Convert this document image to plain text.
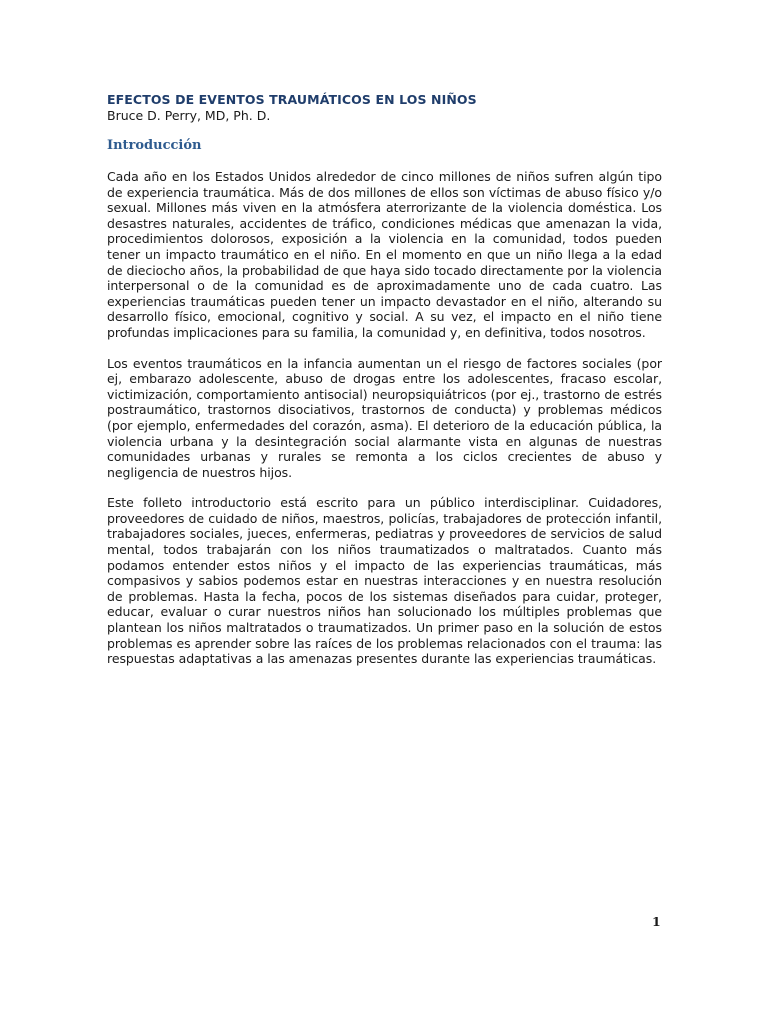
EFECTOS DE EVENTOS TRAUMÁTICOS EN LOS NIÑOS

Bruce D. Perry, MD, Ph. D.

Introducción

Cada año en los Estados Unidos alrededor de cinco millones de niños sufren algún tipo de experiencia traumática. Más de dos millones de ellos son víctimas de abuso físico y/o sexual. Millones más viven en la atmósfera aterrorizante de la violencia doméstica. Los desastres naturales, accidentes de tráfico, condiciones médicas que amenazan la vida, procedimientos dolorosos, exposición a la violencia en la comunidad, todos pueden tener un impacto traumático en el niño. En el momento en que un niño llega a la edad de dieciocho años, la probabilidad de que haya sido tocado directamente por la violencia interpersonal o de la comunidad es de aproximadamente uno de cada cuatro. Las experiencias traumáticas pueden tener un impacto devastador en el niño, alterando su desarrollo físico, emocional, cognitivo y social. A su vez, el impacto en el niño tiene profundas implicaciones para su familia, la comunidad y, en definitiva, todos nosotros.

Los eventos traumáticos en la infancia aumentan un el riesgo de factores sociales (por ej, embarazo adolescente, abuso de drogas entre los adolescentes, fracaso escolar, victimización, comportamiento antisocial) neuropsiquiátricos (por ej., trastorno de estrés postraumático, trastornos disociativos, trastornos de conducta) y problemas médicos (por ejemplo, enfermedades del corazón, asma). El deterioro de la educación pública, la violencia urbana y la desintegración social alarmante vista en algunas de nuestras comunidades urbanas y rurales se remonta a los ciclos crecientes de abuso y negligencia de nuestros hijos.

Este folleto introductorio está escrito para un público interdisciplinar. Cuidadores, proveedores de cuidado de niños, maestros, policías, trabajadores de protección infantil, trabajadores sociales, jueces, enfermeras, pediatras y proveedores de servicios de salud mental, todos trabajarán con los niños traumatizados o maltratados. Cuanto más podamos entender estos niños y el impacto de las experiencias traumáticas, más compasivos y sabios podemos estar en nuestras interacciones y en nuestra resolución de problemas. Hasta la fecha, pocos de los sistemas diseñados para cuidar, proteger, educar, evaluar o curar nuestros niños han solucionado los múltiples problemas que plantean los niños maltratados o traumatizados. Un primer paso en la solución de estos problemas es aprender sobre las raíces de los problemas relacionados con el trauma: las respuestas adaptativas a las amenazas presentes durante las experiencias traumáticas.

1
